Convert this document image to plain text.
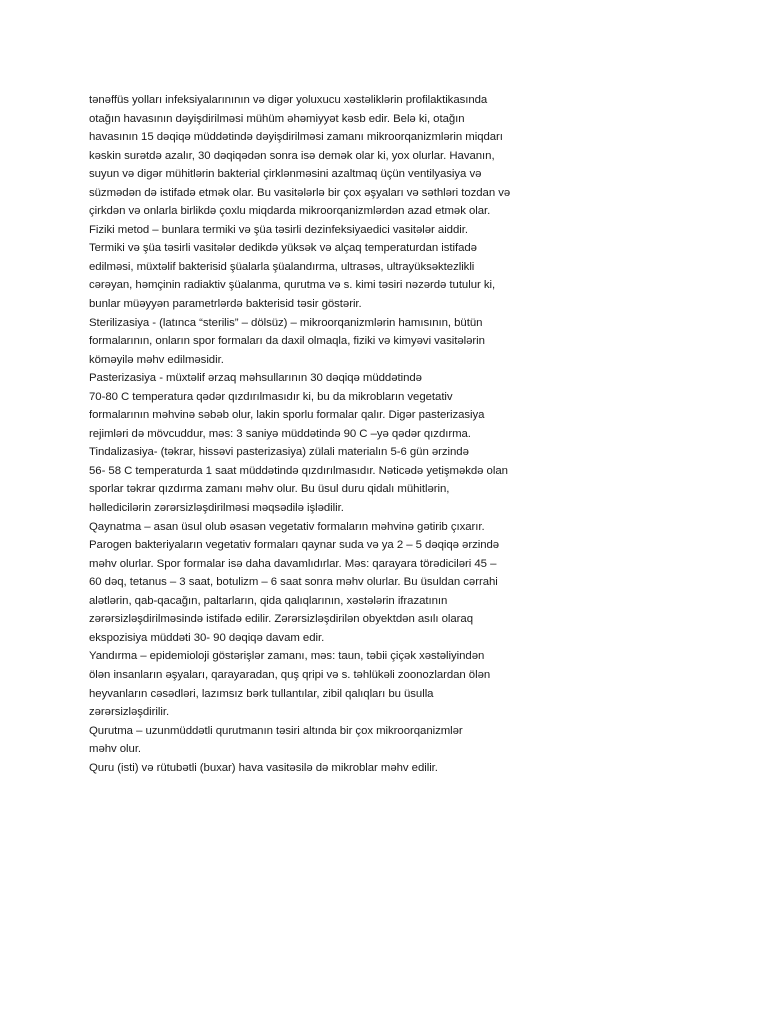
tənəffüs yolları infeksiyalarınının və digər yoluxucu xəstəliklərin profilaktikasında
otağın havasının dəyişdirilməsi mühüm əhəmiyyət kəsb edir. Belə ki, otağın
havasının 15 dəqiqə müddətində dəyişdirilməsi zamanı mikroorqanizmlərin miqdarı
kəskin surətdə azalır, 30 dəqiqədən sonra isə demək olar ki, yox olurlar. Havanın,
suyun və digər mühitlərin bakterial çirklənməsini azaltmaq üçün ventilyasiya və
süzmədən də istifadə etmək olar. Bu vasitələrlə bir çox əşyaları və səthləri tozdan və
çirkdən və onlarla birlikdə çoxlu miqdarda mikroorqanizmlərdən azad etmək olar.
Fiziki metod – bunlara termiki və şüa təsirli dezinfeksiyaedici vasitələr aiddir.
Termiki və şüa təsirli vasitələr dedikdə yüksək və alçaq temperaturdan istifadə
edilməsi, müxtəlif bakterisid şüalarla şüalandırma, ultrasəs, ultrayüksəktezlikli
cərəyan, həmçinin radiaktiv şüalanma, qurutma və s. kimi təsiri nəzərdə tutulur ki,
bunlar müəyyən parametrlərdə bakterisid təsir göstərir.
Sterilizasiya - (latınca “sterilis” – dölsüz) – mikroorqanizmlərin hamısının, bütün
formalarının, onların spor formaları da daxil olmaqla, fiziki və kimyəvi vasitələrin
köməyilə məhv edilməsidir.
Pasterizasiya - müxtəlif ərzaq məhsullarının 30 dəqiqə müddətində
70-80 C temperatura qədər qızdırılmasıdır ki, bu da mikrobların vegetativ
formalarının məhvinə səbəb olur, lakin sporlu formalar qalır. Digər pasterizasiya
rejimləri də mövcuddur, məs: 3 saniyə müddətində 90 C –yə qədər qızdırma.
Tindalizasiya- (təkrar, hissəvi pasterizasiya) zülali materialın 5-6 gün ərzində
56- 58 C temperaturda 1 saat müddətində qızdırılmasıdır. Nəticədə yetişməkdə olan
sporlar təkrar qızdırma zamanı məhv olur. Bu üsul duru qidalı mühitlərin,
həlledicilərin zərərsizləşdirilməsi məqsədilə işlədilir.
Qaynatma – asan üsul olub əsasən vegetativ formaların məhvinə gətirib çıxarır.
Parogen bakteriyaların vegetativ formaları qaynar suda və ya 2 – 5 dəqiqə ərzində
məhv olurlar. Spor formalar isə daha davamlıdırlar. Məs: qarayara törədiciləri 45 –
60 dəq, tetanus – 3 saat, botulizm – 6 saat sonra məhv olurlar. Bu üsuldan cərrahi
alətlərin, qab-qacağın, paltarların, qida qalıqlarının, xəstələrin ifrazatının
zərərsizləşdirilməsində istifadə edilir. Zərərsizləşdirilən obyektdən asılı olaraq
ekspozisiya müddəti 30- 90 dəqiqə davam edir.
Yandırma – epidemioloji göstərişlər zamanı, məs: taun, təbii çiçək xəstəliyindən
ölən insanların əşyaları, qarayaradan, quş qripi və s. təhlükəli zoonozlardan ölən
heyvanların cəsədləri, lazımsız bərk tullantılar, zibil qalıqları bu üsulla
zərərsizləşdirilir.
Qurutma – uzunmüddətli qurutmanın təsiri altında bir çox mikroorqanizmlər
məhv olur.
Quru (isti) və rütubətli (buxar) hava vasitəsilə də mikroblar məhv edilir.
